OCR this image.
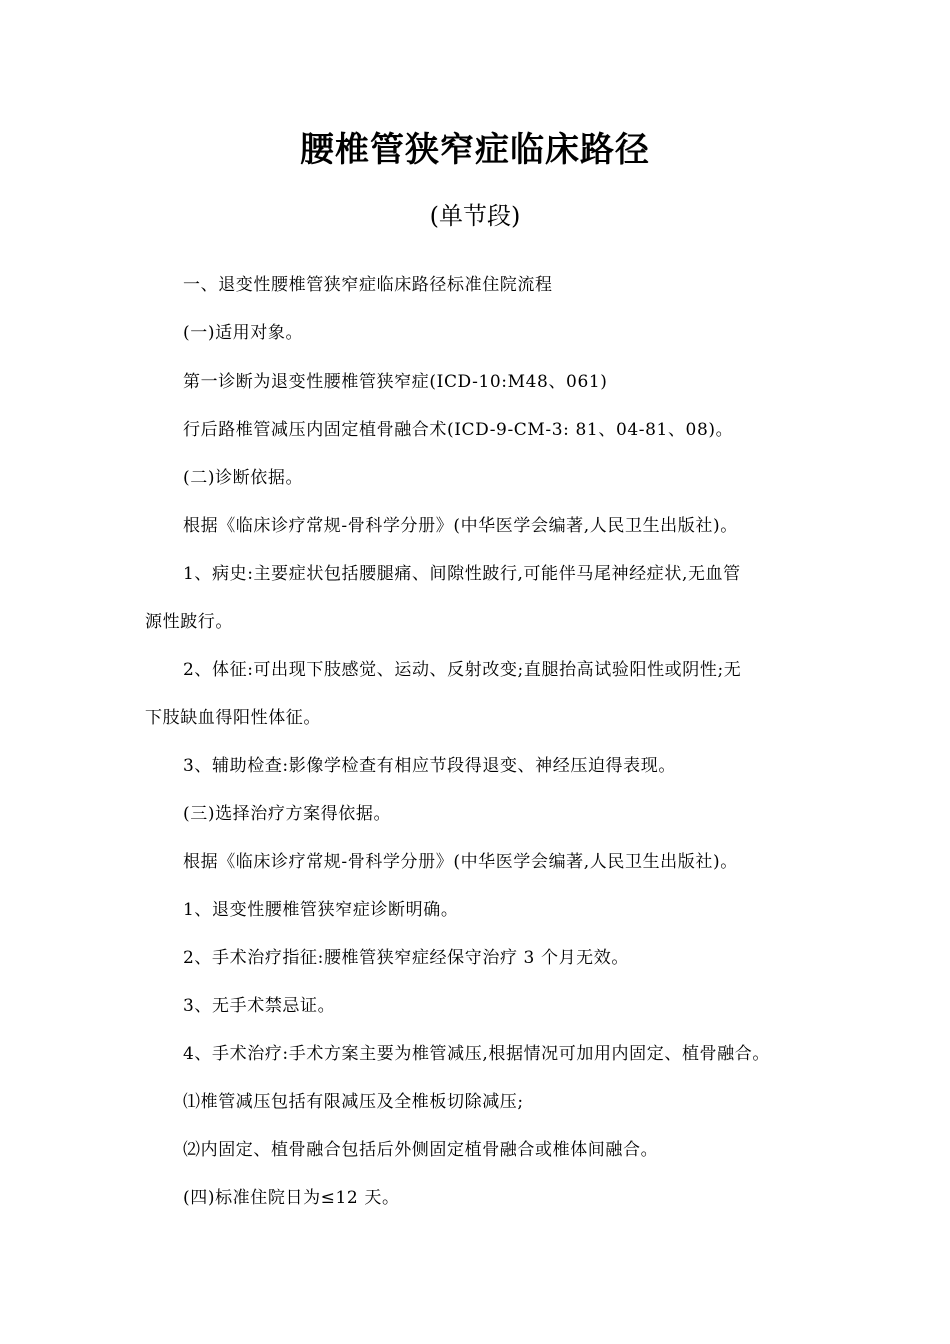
腰椎管狭窄症临床路径
(单节段)
一、退变性腰椎管狭窄症临床路径标准住院流程
(一)适用对象。
第一诊断为退变性腰椎管狭窄症(ICD-10:M48、061)
行后路椎管减压内固定植骨融合术(ICD-9-CM-3: 81、04-81、08)。
(二)诊断依据。
根据《临床诊疗常规-骨科学分册》(中华医学会编著,人民卫生出版社)。
1、病史:主要症状包括腰腿痛、间隙性跛行,可能伴马尾神经症状,无血管
源性跛行。
2、体征:可出现下肢感觉、运动、反射改变;直腿抬高试验阳性或阴性;无
下肢缺血得阳性体征。
3、辅助检查:影像学检查有相应节段得退变、神经压迫得表现。
(三)选择治疗方案得依据。
根据《临床诊疗常规-骨科学分册》(中华医学会编著,人民卫生出版社)。
1、退变性腰椎管狭窄症诊断明确。
2、手术治疗指征:腰椎管狭窄症经保守治疗 3 个月无效。
3、无手术禁忌证。
4、手术治疗:手术方案主要为椎管减压,根据情况可加用内固定、植骨融合。
⑴椎管减压包括有限减压及全椎板切除减压;
⑵内固定、植骨融合包括后外侧固定植骨融合或椎体间融合。
(四)标准住院日为≤12 天。
